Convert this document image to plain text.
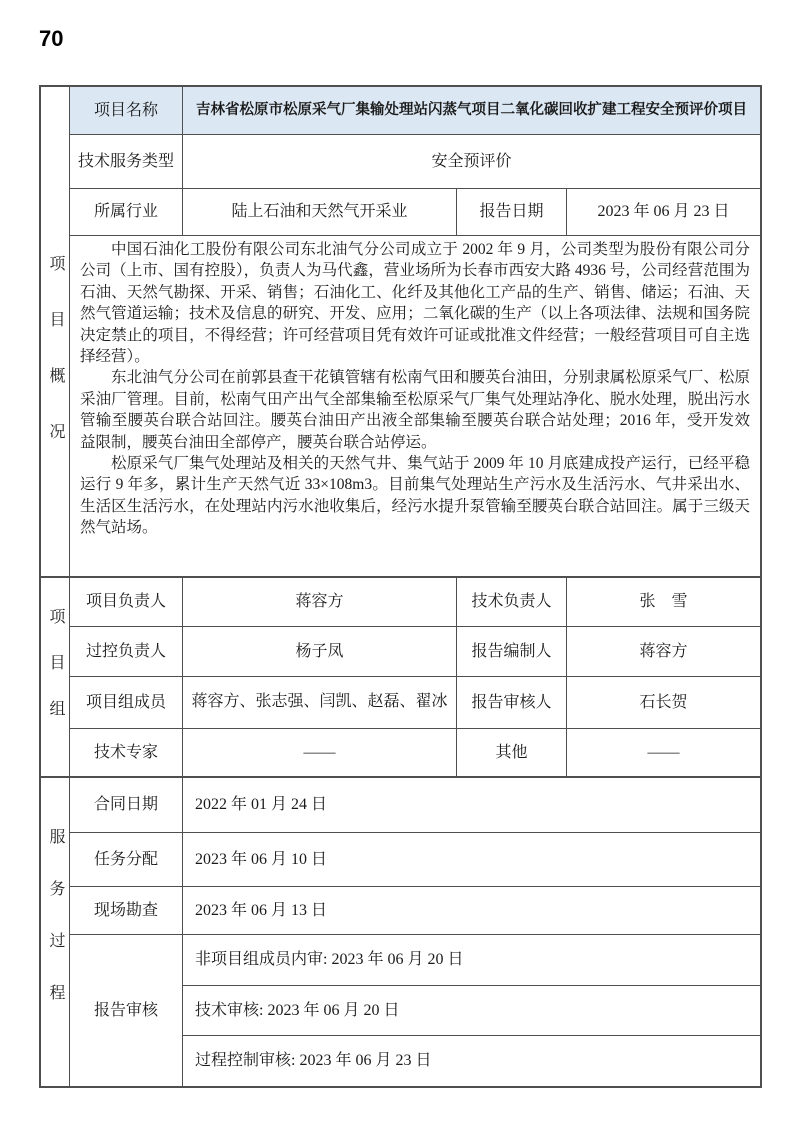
70
项目概况
项目名称	吉林省松原市松原采气厂集输处理站闪蒸气项目二氧化碳回收扩建工程安全预评价项目
技术服务类型	安全预评价
所属行业	陆上石油和天然气开采业	报告日期	2023 年 06 月 23 日

中国石油化工股份有限公司东北油气分公司成立于 2002 年 9 月，公司类型为股份有限公司分公司（上市、国有控股），负责人为马代鑫，营业场所为长春市西安大路 4936 号，公司经营范围为石油、天然气勘探、开采、销售；石油化工、化纤及其他化工产品的生产、销售、储运；石油、天然气管道运输；技术及信息的研究、开发、应用；二氧化碳的生产（以上各项法律、法规和国务院决定禁止的项目，不得经营；许可经营项目凭有效许可证或批准文件经营；一般经营项目可自主选择经营）。

东北油气分公司在前郭县查干花镇管辖有松南气田和腰英台油田，分别隶属松原采气厂、松原采油厂管理。目前，松南气田产出气全部集输至松原采气厂集气处理站净化、脱水处理，脱出污水管输至腰英台联合站回注。腰英台油田产出液全部集输至腰英台联合站处理；2016 年，受开发效益限制，腰英台油田全部停产，腰英台联合站停运。

松原采气厂集气处理站及相关的天然气井、集气站于 2009 年 10 月底建成投产运行，已经平稳运行 9 年多，累计生产天然气近 33×108m3。目前集气处理站生产污水及生活污水、气井采出水、生活区生活污水，在处理站内污水池收集后，经污水提升泵管输至腰英台联合站回注。属于三级天然气站场。

项目组
项目负责人	蒋容方	技术负责人	张　雪
过控负责人	杨子凤	报告编制人	蒋容方
项目组成员	蒋容方、张志强、闫凯、赵磊、翟冰	报告审核人	石长贺
技术专家	——	其他	——
服务过程
合同日期	2022 年 01 月 24 日
任务分配	2023 年 06 月 10 日
现场勘查	2023 年 06 月 13 日
报告审核
非项目组成员内审: 2023 年 06 月 20 日
技术审核: 2023 年 06 月 20 日
过程控制审核: 2023 年 06 月 23 日
